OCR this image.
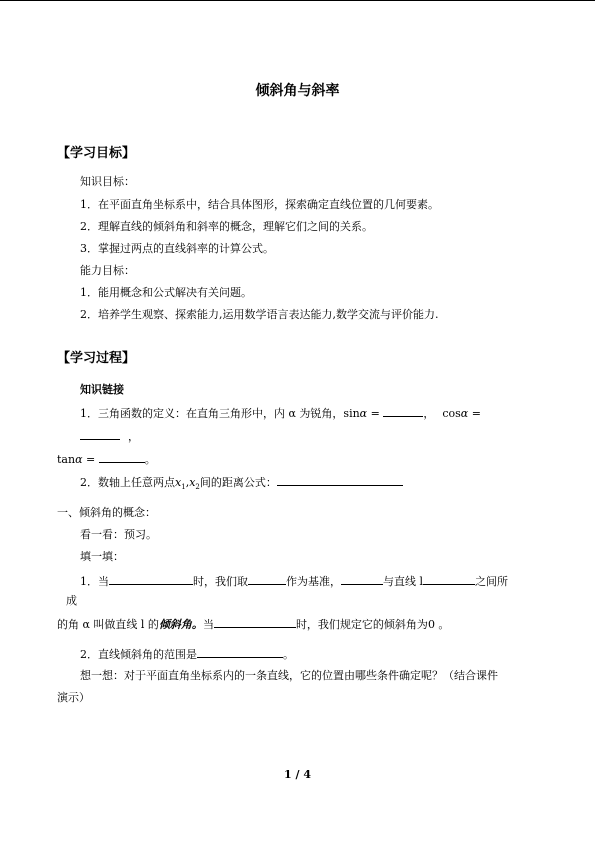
倾斜角与斜率
【学习目标】
知识目标：
1．在平面直角坐标系中，结合具体图形，探索确定直线位置的几何要素。
2．理解直线的倾斜角和斜率的概念，理解它们之间的关系。
3．掌握过两点的直线斜率的计算公式。
能力目标：
1．能用概念和公式解决有关问题。
2．培养学生观察、探索能力,运用数学语言表达能力,数学交流与评价能力.
【学习过程】
知识链接
1．三角函数的定义：在直角三角形中，内 α 为锐角，sinα =	， cosα =
，
tanα =	。
2．数轴上任意两点$x_1,x_2$间的距离公式：
一、倾斜角的概念：
看一看：预习。
填一填：
1．当	时，我们取	作为基准，	与直线 l	之间所
成
的角 α 叫做直线 l 的倾斜角。当	时，我们规定它的倾斜角为0 。
2．直线倾斜角的范围是	。
想一想：对于平面直角坐标系内的一条直线，它的位置由哪些条件确定呢？（结合课件
演示）
1 / 4
